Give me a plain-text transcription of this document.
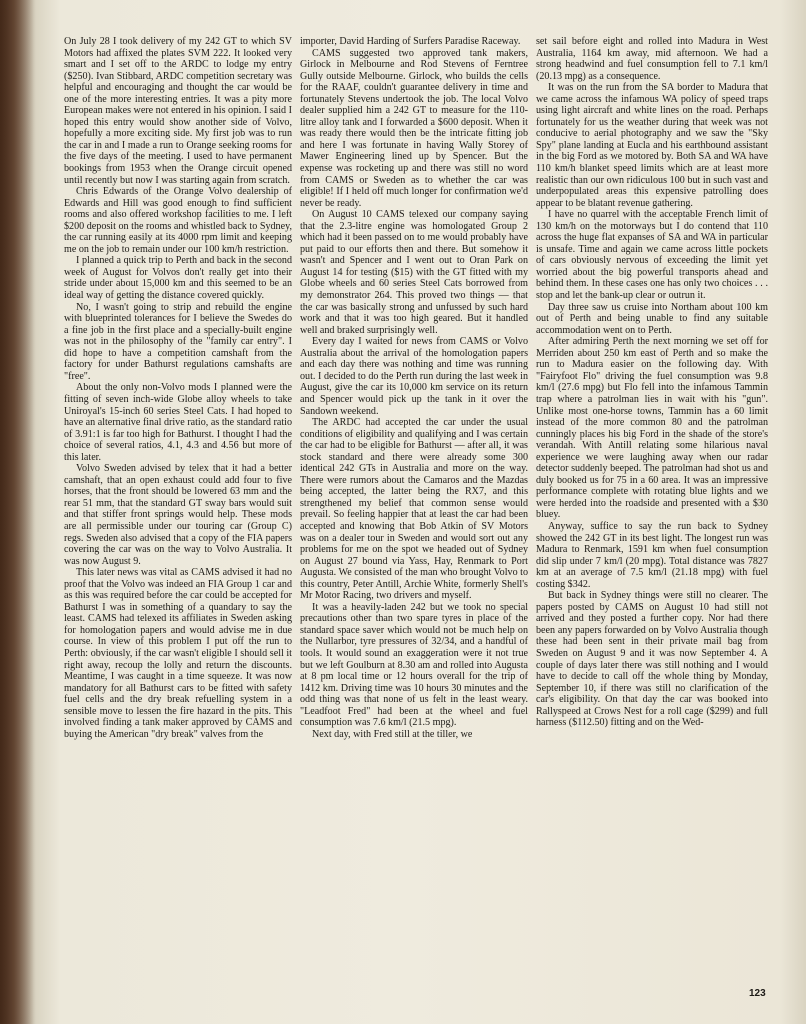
On July 28 I took delivery of my 242 GT to which SV Motors had affixed the plates SVM 222. It looked very smart and I set off to the ARDC to lodge my entry ($250). Ivan Stibbard, ARDC competition secretary was helpful and encouraging and thought the car would be one of the more interesting entries. It was a pity more European makes were not entered in his opinion. I said I hoped this entry would show another side of Volvo, hopefully a more exciting side. My first job was to run the car in and I made a run to Orange seeking rooms for the five days of the meeting. I used to have permanent bookings from 1953 when the Orange circuit opened until recently but now I was starting again from scratch.

Chris Edwards of the Orange Volvo dealership of Edwards and Hill was good enough to find sufficient rooms and also offered workshop facilities to me. I left $200 deposit on the rooms and whistled back to Sydney, the car running easily at its 4000 rpm limit and keeping me on the job to remain under our 100 km/h restriction.

I planned a quick trip to Perth and back in the second week of August for Volvos don't really get into their stride under about 15,000 km and this seemed to be an ideal way of getting the distance covered quickly.

No, I wasn't going to strip and rebuild the engine with blueprinted tolerances for I believe the Swedes do a fine job in the first place and a specially-built engine was not in the philosophy of the "family car entry". I did hope to have a competition camshaft from the factory for under Bathurst regulations camshafts are "free".

About the only non-Volvo mods I planned were the fitting of seven inch-wide Globe alloy wheels to take Uniroyal's 15-inch 60 series Steel Cats. I had hoped to have an alternative final drive ratio, as the standard ratio of 3.91:1 is far too high for Bathurst. I thought I had the choice of several ratios, 4.1, 4.3 and 4.56 but more of this later.

Volvo Sweden advised by telex that it had a better camshaft, that an open exhaust could add four to five horses, that the front should be lowered 63 mm and the rear 51 mm, that the standard GT sway bars would suit and that stiffer front springs would help. These mods are all permissible under our touring car (Group C) regs. Sweden also advised that a copy of the FIA papers covering the car was on the way to Volvo Australia. It was now August 9.

This later news was vital as CAMS advised it had no proof that the Volvo was indeed an FIA Group 1 car and as this was required before the car could be accepted for Bathurst I was in something of a quandary to say the least. CAMS had telexed its affiliates in Sweden asking for homologation papers and would advise me in due course. In view of this problem I put off the run to Perth: obviously, if the car wasn't eligible I should sell it right away, recoup the lolly and return the discounts. Meantime, I was caught in a time squeeze. It was now mandatory for all Bathurst cars to be fitted with safety fuel cells and the dry break refuelling system in a sensible move to lessen the fire hazard in the pits. This involved finding a tank maker approved by CAMS and buying the American "dry break" valves from the

importer, David Harding of Surfers Paradise Raceway.

CAMS suggested two approved tank makers, Girlock in Melbourne and Rod Stevens of Ferntree Gully outside Melbourne. Girlock, who builds the cells for the RAAF, couldn't guarantee delivery in time and fortunately Stevens undertook the job. The local Volvo dealer supplied him a 242 GT to measure for the 110-litre alloy tank and I forwarded a $600 deposit. When it was ready there would then be the intricate fitting job and here I was fortunate in having Wally Storey of Mawer Engineering lined up by Spencer. But the expense was rocketing up and there was still no word from CAMS or Sweden as to whether the car was eligible! If I held off much longer for confirmation we'd never be ready.

On August 10 CAMS telexed our company saying that the 2.3-litre engine was homologated Group 2 which had it been passed on to me would probably have put paid to our efforts then and there. But somehow it wasn't and Spencer and I went out to Oran Park on August 14 for testing ($15) with the GT fitted with my Globe wheels and 60 series Steel Cats borrowed from my demonstrator 264. This proved two things — that the car was basically strong and unfussed by such hard work and that it was too high geared. But it handled well and braked surprisingly well.

Every day I waited for news from CAMS or Volvo Australia about the arrival of the homologation papers and each day there was nothing and time was running out. I decided to do the Perth run during the last week in August, give the car its 10,000 km service on its return and Spencer would pick up the tank in it over the Sandown weekend.

The ARDC had accepted the car under the usual conditions of eligibility and qualifying and I was certain the car had to be eligible for Bathurst — after all, it was stock standard and there were already some 300 identical 242 GTs in Australia and more on the way. There were rumors about the Camaros and the Mazdas being accepted, the latter being the RX7, and this strengthened my belief that common sense would prevail. So feeling happier that at least the car had been accepted and knowing that Bob Atkin of SV Motors was on a dealer tour in Sweden and would sort out any problems for me on the spot we headed out of Sydney on August 27 bound via Yass, Hay, Renmark to Port Augusta. We consisted of the man who brought Volvo to this country, Peter Antill, Archie White, formerly Shell's Mr Motor Racing, two drivers and myself.

It was a heavily-laden 242 but we took no special precautions other than two spare tyres in place of the standard space saver which would not be much help on the Nullarbor, tyre pressures of 32/34, and a handful of tools. It would sound an exaggeration were it not true but we left Goulburn at 8.30 am and rolled into Augusta at 8 pm local time or 12 hours overall for the trip of 1412 km. Driving time was 10 hours 30 minutes and the odd thing was that none of us felt in the least weary. "Leadfoot Fred" had been at the wheel and fuel consumption was 7.6 km/l (21.5 mpg).

Next day, with Fred still at the tiller, we

set sail before eight and rolled into Madura in West Australia, 1164 km away, mid afternoon. We had a strong headwind and fuel consumption fell to 7.1 km/l (20.13 mpg) as a consequence.

It was on the run from the SA border to Madura that we came across the infamous WA policy of speed traps using light aircraft and white lines on the road. Perhaps fortunately for us the weather during that week was not conducive to aerial photography and we saw the "Sky Spy" plane landing at Eucla and his earthbound assistant in the big Ford as we motored by. Both SA and WA have 110 km/h blanket speed limits which are at least more realistic than our own ridiculous 100 but in such vast and underpopulated areas this expensive patrolling does appear to be blatant revenue gathering.

I have no quarrel with the acceptable French limit of 130 km/h on the motorways but I do contend that 110 across the huge flat expanses of SA and WA in particular is unsafe. Time and again we came across little pockets of cars obviously nervous of exceeding the limit yet worried about the big powerful transports ahead and behind them. In these cases one has only two choices . . . stop and let the bank-up clear or outrun it.

Day three saw us cruise into Northam about 100 km out of Perth and being unable to find any suitable accommodation went on to Perth.

After admiring Perth the next morning we set off for Merriden about 250 km east of Perth and so make the run to Madura easier on the following day. With "Fairyfoot Flo" driving the fuel consumption was 9.8 km/l (27.6 mpg) but Flo fell into the infamous Tammin trap where a patrolman lies in wait with his "gun". Unlike most one-horse towns, Tammin has a 60 limit instead of the more common 80 and the patrolman cunningly places his big Ford in the shade of the store's verandah. With Antill relating some hilarious naval experience we were laughing away when our radar detector suddenly beeped. The patrolman had shot us and duly booked us for 75 in a 60 area. It was an impressive performance complete with rotating blue lights and we were herded into the roadside and presented with a $30 bluey.

Anyway, suffice to say the run back to Sydney showed the 242 GT in its best light. The longest run was Madura to Renmark, 1591 km when fuel consumption did slip under 7 km/l (20 mpg). Total distance was 7827 km at an average of 7.5 km/l (21.18 mpg) with fuel costing $342.

But back in Sydney things were still no clearer. The papers posted by CAMS on August 10 had still not arrived and they posted a further copy. Nor had there been any papers forwarded on by Volvo Australia though these had been sent in their private mail bag from Sweden on August 9 and it was now September 4. A couple of days later there was still nothing and I would have to decide to call off the whole thing by Monday, September 10, if there was still no clarification of the car's eligibility. On that day the car was booked into Rallyspeed at Crows Nest for a roll cage ($299) and full harness ($112.50) fitting and on the Wed-

123
